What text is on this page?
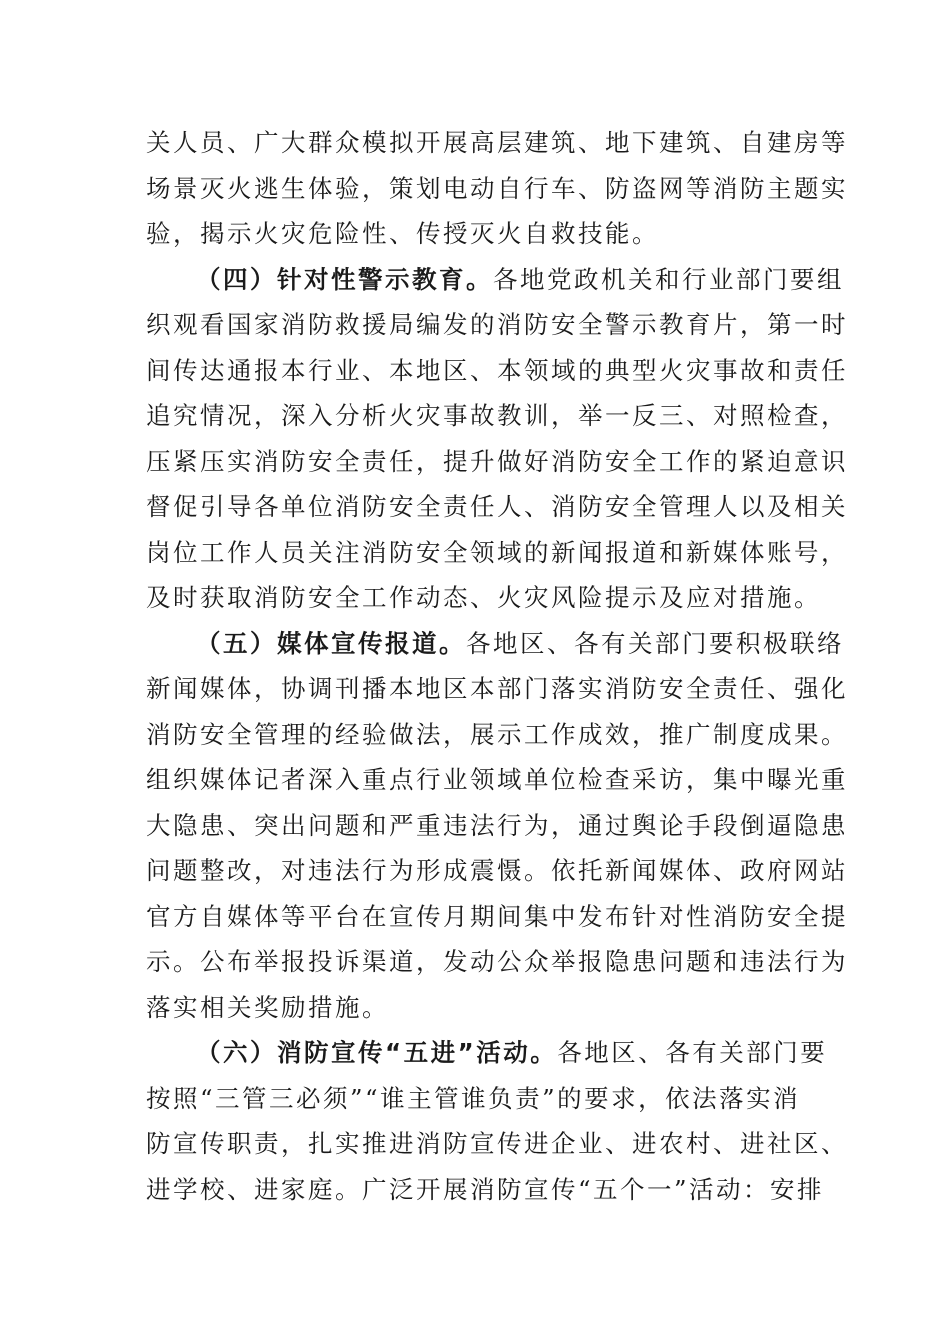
关人员、广大群众模拟开展高层建筑、地下建筑、自建房等
场景灭火逃生体验，策划电动自行车、防盗网等消防主题实
验，揭示火灾危险性、传授灭火自救技能。
（四）针对性警示教育。各地党政机关和行业部门要组
织观看国家消防救援局编发的消防安全警示教育片，第一时
间传达通报本行业、本地区、本领域的典型火灾事故和责任
追究情况，深入分析火灾事故教训，举一反三、对照检查，
压紧压实消防安全责任，提升做好消防安全工作的紧迫意识
督促引导各单位消防安全责任人、消防安全管理人以及相关
岗位工作人员关注消防安全领域的新闻报道和新媒体账号，
及时获取消防安全工作动态、火灾风险提示及应对措施。
（五）媒体宣传报道。各地区、各有关部门要积极联络
新闻媒体，协调刊播本地区本部门落实消防安全责任、强化
消防安全管理的经验做法，展示工作成效，推广制度成果。
组织媒体记者深入重点行业领域单位检查采访，集中曝光重
大隐患、突出问题和严重违法行为，通过舆论手段倒逼隐患
问题整改，对违法行为形成震慑。依托新闻媒体、政府网站
官方自媒体等平台在宣传月期间集中发布针对性消防安全提
示。公布举报投诉渠道，发动公众举报隐患问题和违法行为
落实相关奖励措施。
（六）消防宣传“五进”活动。各地区、各有关部门要
按照“三管三必须”“谁主管谁负责”的要求，依法落实消
防宣传职责，扎实推进消防宣传进企业、进农村、进社区、
进学校、进家庭。广泛开展消防宣传“五个一”活动：安排
